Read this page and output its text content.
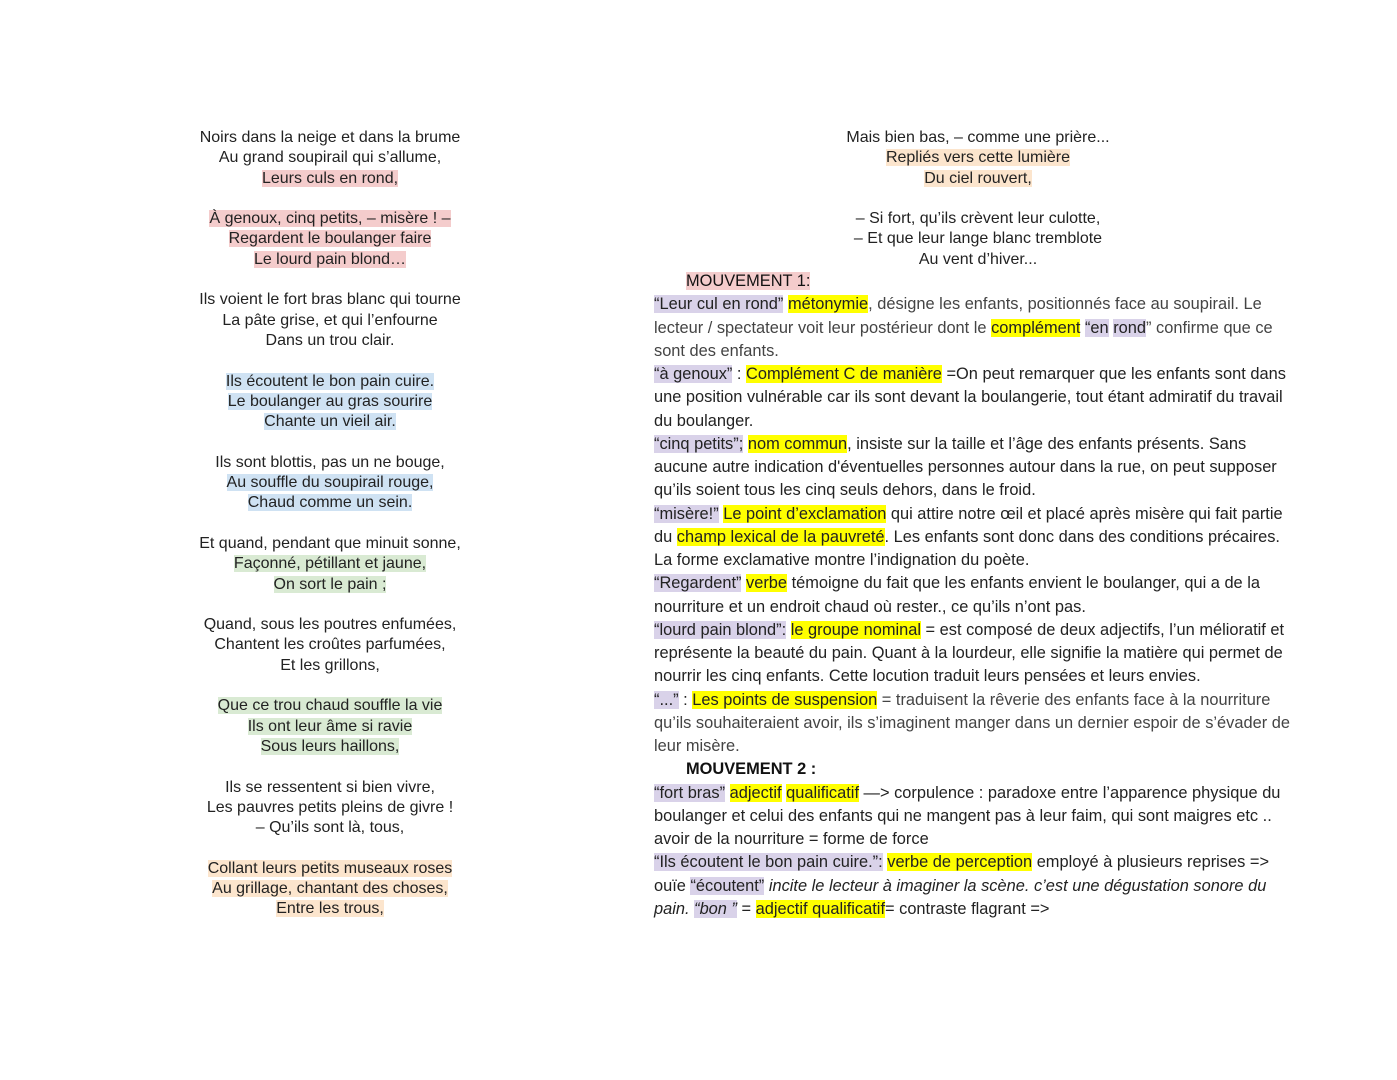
Noirs dans la neige et dans la brume
Au grand soupirail qui s’allume,
Leurs culs en rond,
À genoux, cinq petits, – misère ! –
Regardent le boulanger faire
Le lourd pain blond…
Ils voient le fort bras blanc qui tourne
La pâte grise, et qui l’enfourne
Dans un trou clair.
Ils écoutent le bon pain cuire.
Le boulanger au gras sourire
Chante un vieil air.
Ils sont blottis, pas un ne bouge,
Au souffle du soupirail rouge,
Chaud comme un sein.
Et quand, pendant que minuit sonne,
Façonné, pétillant et jaune,
On sort le pain ;
Quand, sous les poutres enfumées,
Chantent les croûtes parfumées,
Et les grillons,
Que ce trou chaud souffle la vie
Ils ont leur âme si ravie
Sous leurs haillons,
Ils se ressentent si bien vivre,
Les pauvres petits pleins de givre !
– Qu’ils sont là, tous,
Collant leurs petits museaux roses
Au grillage, chantant des choses,
Entre les trous,
Mais bien bas, – comme une prière...
Repliés vers cette lumière
Du ciel rouvert,
– Si fort, qu’ils crèvent leur culotte,
– Et que leur lange blanc tremblote
Au vent d’hiver...
MOUVEMENT 1:

“Leur cul en rond” métonymie, désigne les enfants, positionnés face au soupirail. Le lecteur / spectateur voit leur postérieur dont le complément “en rond” confirme que ce sont des enfants.

“à genoux” : Complément C de manière =On peut remarquer que les enfants sont dans une position vulnérable car ils sont devant la boulangerie, tout étant admiratif du travail du boulanger.

“cinq petits”; nom commun, insiste sur la taille et l’âge des enfants présents. Sans aucune autre indication d'éventuelles personnes autour dans la rue, on peut supposer qu’ils soient tous les cinq seuls dehors, dans le froid.

“misère!” Le point d’exclamation qui attire notre œil et placé après misère qui fait partie du champ lexical de la pauvreté. Les enfants sont donc dans des conditions précaires. La forme exclamative montre l’indignation du poète.

“Regardent” verbe témoigne du fait que les enfants envient le boulanger, qui a de la nourriture et un endroit chaud où rester., ce qu’ils n’ont pas.

“lourd pain blond”: le groupe nominal = est composé de deux adjectifs, l’un mélioratif et représente la beauté du pain. Quant à la lourdeur, elle signifie la matière qui permet de nourrir les cinq enfants. Cette locution traduit leurs pensées et leurs envies.

“...” : Les points de suspension = traduisent la rêverie des enfants face à la nourriture qu’ils souhaiteraient avoir, ils s’imaginent manger dans un dernier espoir de s’évader de leur misère.

MOUVEMENT 2 :

“fort bras” adjectif qualificatif —> corpulence : paradoxe entre l’apparence physique du boulanger et celui des enfants qui ne mangent pas à leur faim, qui sont maigres etc .. avoir de la nourriture = forme de force

“Ils écoutent le bon pain cuire.”: verbe de perception employé à plusieurs reprises => ouïe “écoutent” incite le lecteur à imaginer la scène. c’est une dégustation sonore du pain. “bon ” = adjectif qualificatif= contraste flagrant =>
